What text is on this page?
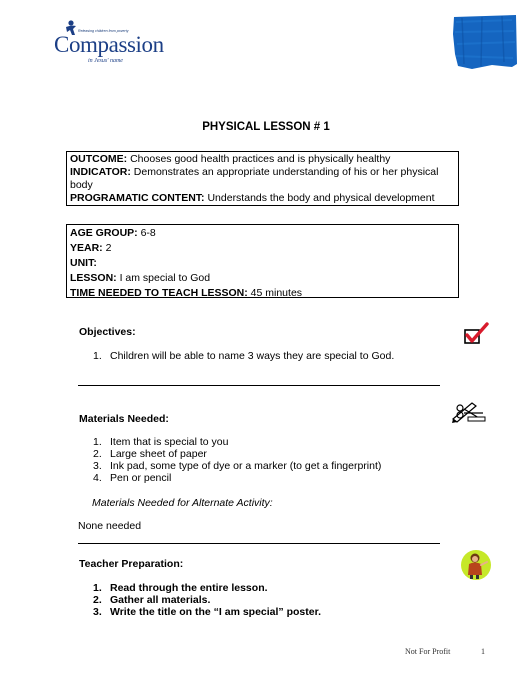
Releasing children from poverty
Compassion
in Jesus' name
PHYSICAL LESSON # 1
OUTCOME: Chooses good health practices and is physically healthy
INDICATOR: Demonstrates an appropriate understanding of his or her physical body
PROGRAMATIC CONTENT: Understands the body and physical development
AGE GROUP: 6-8
YEAR: 2
UNIT:
LESSON: I am special to God
TIME NEEDED TO TEACH LESSON: 45 minutes
Objectives:
1. Children will be able to name 3 ways they are special to God.
Materials Needed:
1. Item that is special to you
2. Large sheet of paper
3. Ink pad, some type of dye or a marker (to get a fingerprint)
4. Pen or pencil
Materials Needed for Alternate Activity:
None needed
Teacher Preparation:
1. Read through the entire lesson.
2. Gather all materials.
3. Write the title on the “I am special” poster.
Not For Profit	1
